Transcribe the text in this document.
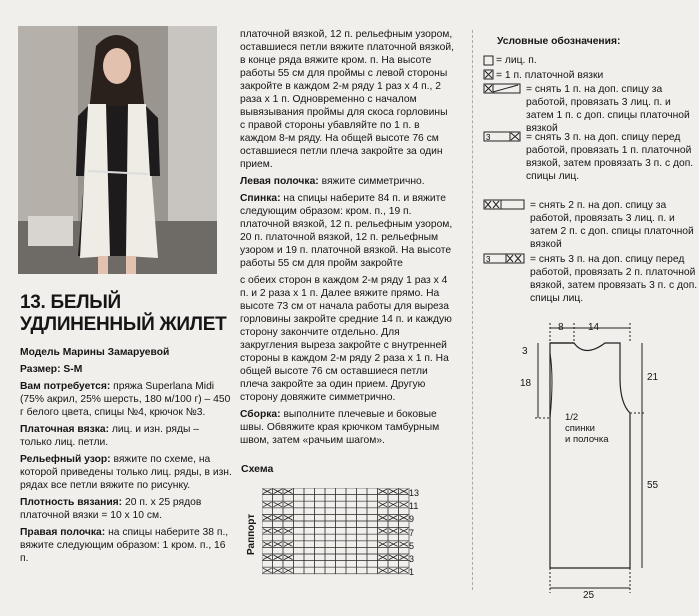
13. БЕЛЫЙ
УДЛИНЕННЫЙ ЖИЛЕТ

Модель Марины Замаруевой

Размер: S-M

Вам потребуется: пряжа Superlana Midi (75% акрил, 25% шерсть, 180 м/100 г) – 450 г белого цвета, спицы №4, крючок №3.

Платочная вязка: лиц. и изн. ряды – только лиц. петли.

Рельефный узор: вяжите по схеме, на которой приведены только лиц. ряды, в изн. рядах все петли вяжите по рисунку.

Плотность вязания: 20 п. х 25 рядов платочной вязки = 10 х 10 см.

Правая полочка: на спицы наберите 38 п., вяжите следующим образом: 1 кром. п., 16 п.

платочной вязкой, 12 п. рельефным узором, оставшиеся петли вяжите платочной вязкой, в конце ряда вяжите кром. п. На высоте работы 55 см для проймы с левой стороны закройте в каждом 2-м ряду 1 раз х 4 п., 2 раза х 1 п. Одновременно с началом вывязывания проймы для скоса горловины с правой стороны убавляйте по 1 п. в каждом 8-м ряду. На общей высоте 76 см оставшиеся петли плеча закройте за один прием.

Левая полочка: вяжите симметрично.

Спинка: на спицы наберите 84 п. и вяжите следующим образом: кром. п., 19 п. платочной вязкой, 12 п. рельефным узором, 20 п. платочной вязкой, 12 п. рельефным узором и 19 п. платочной вязкой. На высоте работы 55 см для пройм закройте

с обеих сторон в каждом 2-м ряду 1 раз х 4 п. и 2 раза х 1 п. Далее вяжите прямо. На высоте 73 см от начала работы для выреза горловины закройте средние 14 п. и каждую сторону закончите отдельно. Для закругления выреза закройте с внутренней стороны в каждом 2-м ряду 2 раза х 1 п. На общей высоте 76 см оставшиеся петли плеча закройте за один прием. Другую сторону довяжите симметрично.

Сборка: выполните плечевые и боковые швы. Обвяжите края крючком тамбурным швом, затем «рачьим шагом».

Схема
Раппорт
13
11
9
7
5
3
1
Условные обозначения:
3
3
= лиц. п.
= 1 п. платочной вязки
= снять 1 п. на доп. спицу за работой, провязать 3 лиц. п. и затем 1 п. с доп. спицы платочной вязкой
= снять 3 п. на доп. спицу перед работой, провязать 1 п. платочной вязкой, затем провязать 3 п. с доп. спицы лиц.
= снять 2 п. на доп. спицу за работой, провязать 3 лиц. п. и затем 2 п. с доп. спицы платочной вязкой
= снять 3 п. на доп. спицу перед работой, провязать 2 п. платочной вязкой, затем провязать 3 п. с доп. спицы лиц.
8 14
3
18
21
1/2
спинки
и полочка
55
25
